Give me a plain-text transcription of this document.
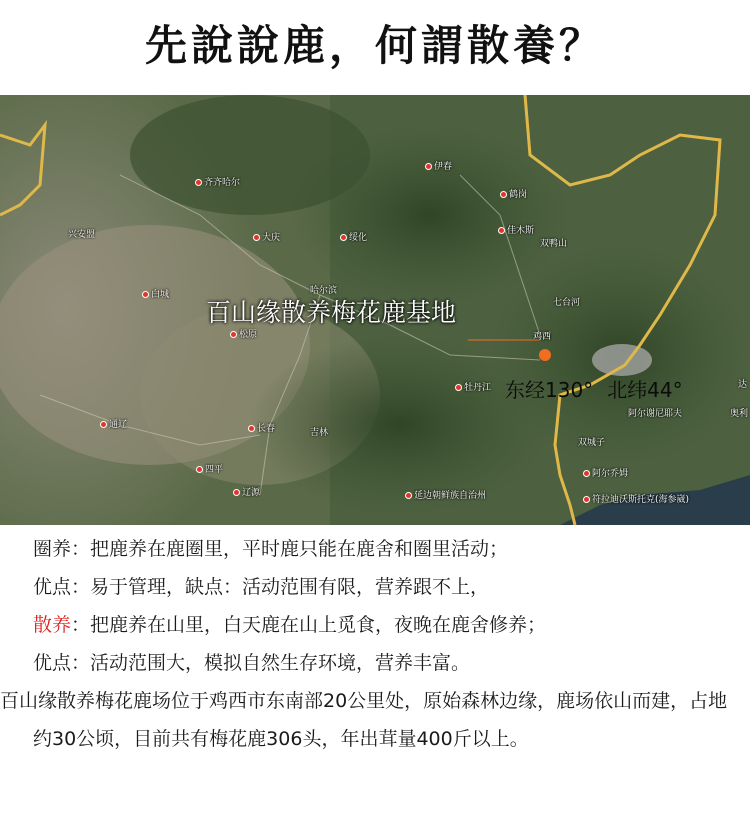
先說說鹿，何謂散養？
伊春
齐齐哈尔
鹤岗
兴安盟	佳木斯
双鸭山
大庆	绥化
白城	哈尔滨
七台河
鸡西
松原
牡丹江	达
阿尔谢尼耶夫
通辽	长春	吉林
双城子
奥利
四平	阿尔乔姆
辽源	延边朝鲜族自治州	符拉迪沃斯托克(海参崴)
百山缘散养梅花鹿基地
东经130° 北纬44°

圈养：把鹿养在鹿圈里，平时鹿只能在鹿舍和圈里活动；

优点：易于管理，缺点：活动范围有限，营养跟不上，

散养：把鹿养在山里，白天鹿在山上觅食，夜晚在鹿舍修养；

优点：活动范围大，模拟自然生存环境，营养丰富。

百山缘散养梅花鹿场位于鸡西市东南部20公里处，原始森林边缘，鹿场依山而建，占地约30公顷，目前共有梅花鹿306头，年出茸量400斤以上。
